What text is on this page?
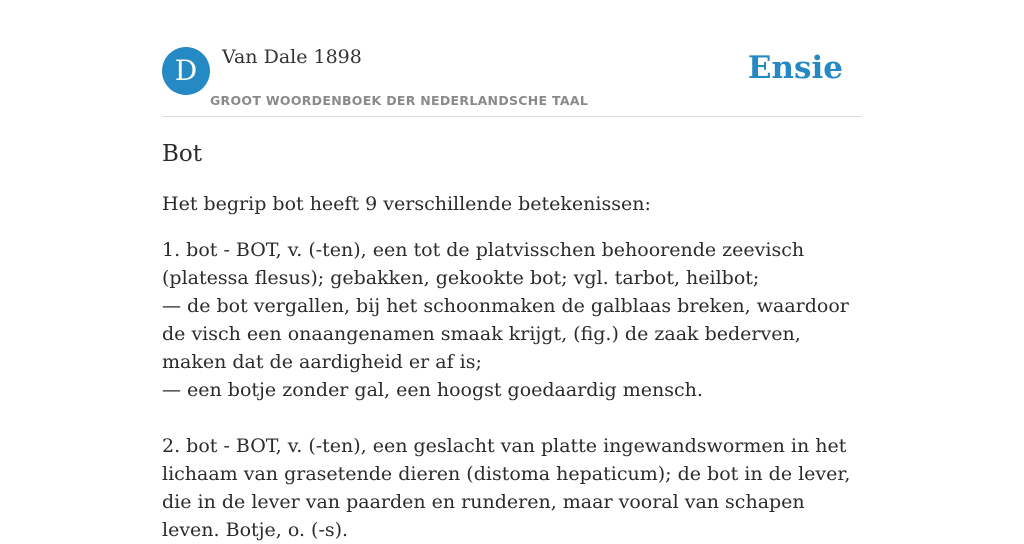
D	Van Dale 1898
GROOT WOORDENBOEK DER NEDERLANDSCHE TAAL
Ensie
Bot

Het begrip bot heeft 9 verschillende betekenissen:

1. bot - BOT, v. (-ten), een tot de platvisschen behoorende zeevisch (platessa flesus); gebakken, gekookte bot; vgl. tarbot, heilbot;
— de bot vergallen, bij het schoonmaken de galblaas breken, waardoor de visch een onaangenamen smaak krijgt, (fig.) de zaak bederven, maken dat de aardigheid er af is;
— een botje zonder gal, een hoogst goedaardig mensch.
2. bot - BOT, v. (-ten), een geslacht van platte ingewandswormen in het lichaam van grasetende dieren (distoma hepaticum); de bot in de lever, die in de lever van paarden en runderen, maar vooral van schapen leven. Botje, o. (-s).
